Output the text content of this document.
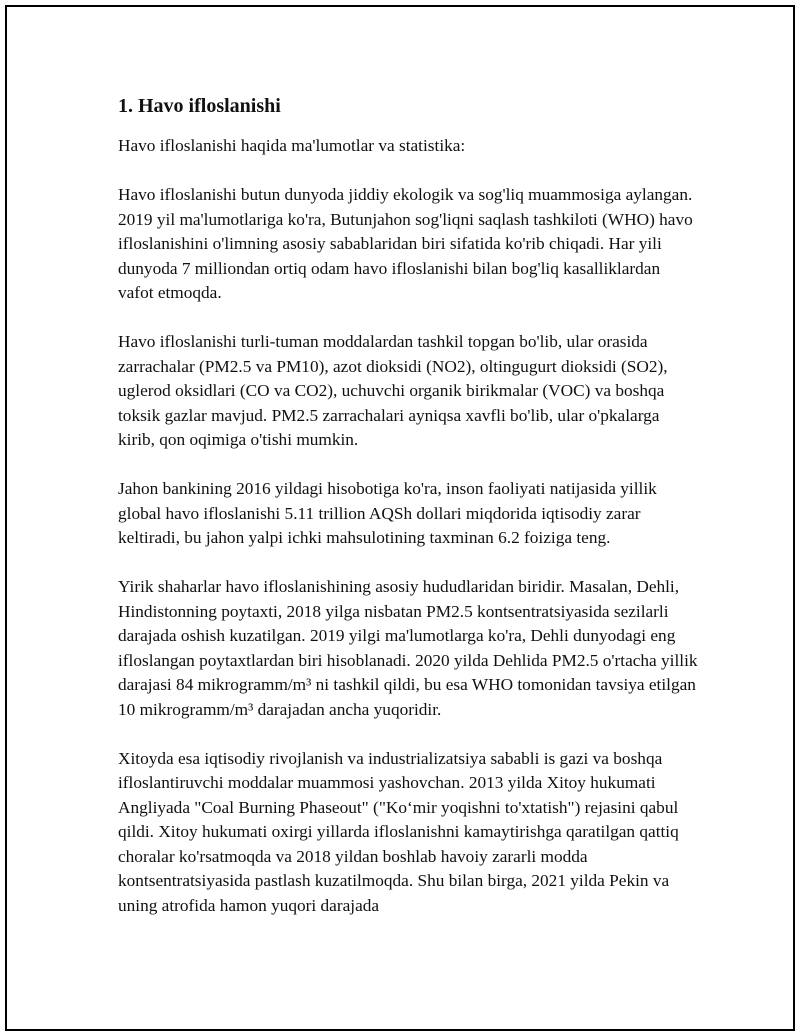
1. Havo ifloslanishi
Havo ifloslanishi haqida ma'lumotlar va statistika:
Havo ifloslanishi butun dunyoda jiddiy ekologik va sog'liq muammosiga aylangan. 2019 yil ma'lumotlariga ko'ra, Butunjahon sog'liqni saqlash tashkiloti (WHO) havo ifloslanishini o'limning asosiy sabablaridan biri sifatida ko'rib chiqadi. Har yili dunyoda 7 milliondan ortiq odam havo ifloslanishi bilan bog'liq kasalliklardan vafot etmoqda.
Havo ifloslanishi turli-tuman moddalardan tashkil topgan bo'lib, ular orasida zarrachalar (PM2.5 va PM10), azot dioksidi (NO2), oltingugurt dioksidi (SO2), uglerod oksidlari (CO va CO2), uchuvchi organik birikmalar (VOC) va boshqa toksik gazlar mavjud. PM2.5 zarrachalari ayniqsa xavfli bo'lib, ular o'pkalarga kirib, qon oqimiga o'tishi mumkin.
Jahon bankining 2016 yildagi hisobotiga ko'ra, inson faoliyati natijasida yillik global havo ifloslanishi 5.11 trillion AQSh dollari miqdorida iqtisodiy zarar keltiradi, bu jahon yalpi ichki mahsulotining taxminan 6.2 foiziga teng.
Yirik shaharlar havo ifloslanishining asosiy hududlaridan biridir. Masalan, Dehli, Hindistonning poytaxti, 2018 yilga nisbatan PM2.5 kontsentratsiyasida sezilarli darajada oshish kuzatilgan. 2019 yilgi ma'lumotlarga ko'ra, Dehli dunyodagi eng ifloslangan poytaxtlardan biri hisoblanadi. 2020 yilda Dehlida PM2.5 o'rtacha yillik darajasi 84 mikrogramm/m³ ni tashkil qildi, bu esa WHO tomonidan tavsiya etilgan 10 mikrogramm/m³ darajadan ancha yuqoridir.
Xitoyda esa iqtisodiy rivojlanish va industrializatsiya sababli is gazi va boshqa ifloslantiruvchi moddalar muammosi yashovchan. 2013 yilda Xitoy hukumati Angliyada "Coal Burning Phaseout" ("Ko‘mir yoqishni to'xtatish") rejasini qabul qildi. Xitoy hukumati oxirgi yillarda ifloslanishni kamaytirishga qaratilgan qattiq choralar ko'rsatmoqda va 2018 yildan boshlab havoiy zararli modda kontsentratsiyasida pastlash kuzatilmoqda. Shu bilan birga, 2021 yilda Pekin va uning atrofida hamon yuqori darajada
